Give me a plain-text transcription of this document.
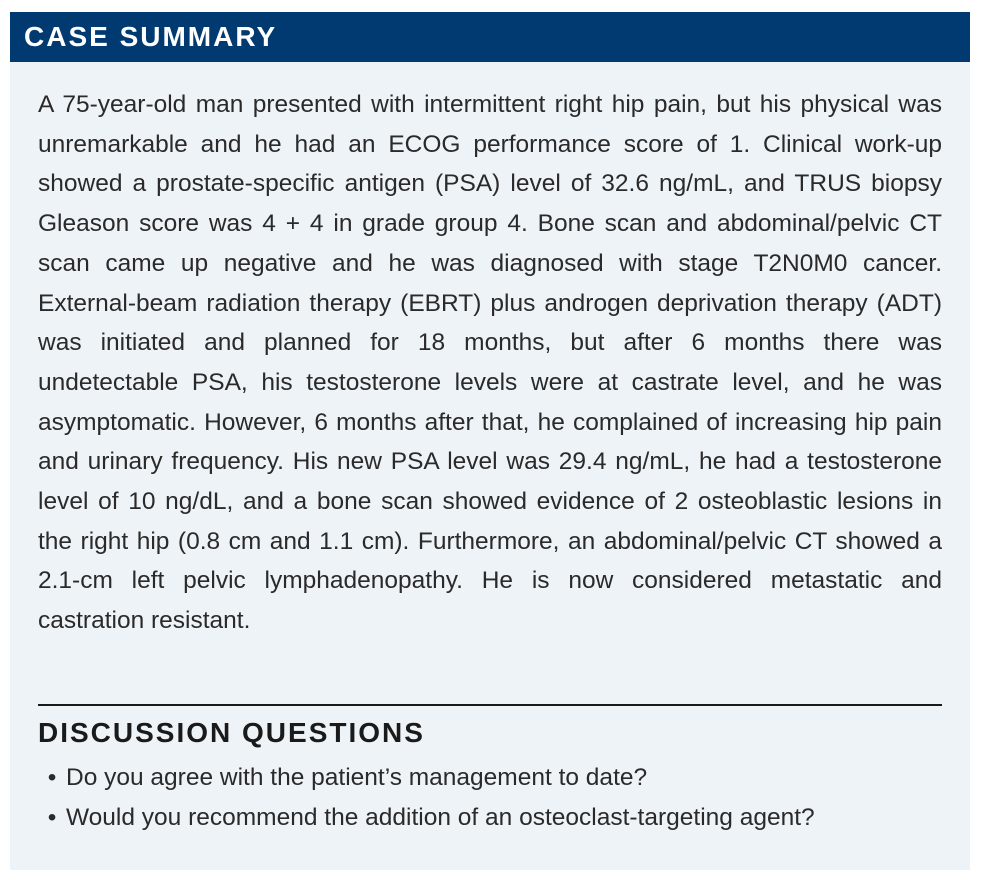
CASE SUMMARY

A 75-year-old man presented with intermittent right hip pain, but his physical was unremarkable and he had an ECOG performance score of 1. Clinical work-up showed a prostate-specific antigen (PSA) level of 32.6 ng/mL, and TRUS biopsy Gleason score was 4 + 4 in grade group 4. Bone scan and abdominal/pelvic CT scan came up negative and he was diagnosed with stage T2N0M0 cancer. External-beam radiation therapy (EBRT) plus androgen deprivation therapy (ADT) was initiated and planned for 18 months, but after 6 months there was undetectable PSA, his testosterone levels were at castrate level, and he was asymptomatic. However, 6 months after that, he complained of increasing hip pain and urinary frequency. His new PSA level was 29.4 ng/mL, he had a testosterone level of 10 ng/dL, and a bone scan showed evidence of 2 osteoblastic lesions in the right hip (0.8 cm and 1.1 cm). Furthermore, an abdominal/pelvic CT showed a 2.1-cm left pelvic lymphadenopathy. He is now considered metastatic and castration resistant.

DISCUSSION QUESTIONS
• Do you agree with the patient’s management to date?
• Would you recommend the addition of an osteoclast-targeting agent?
